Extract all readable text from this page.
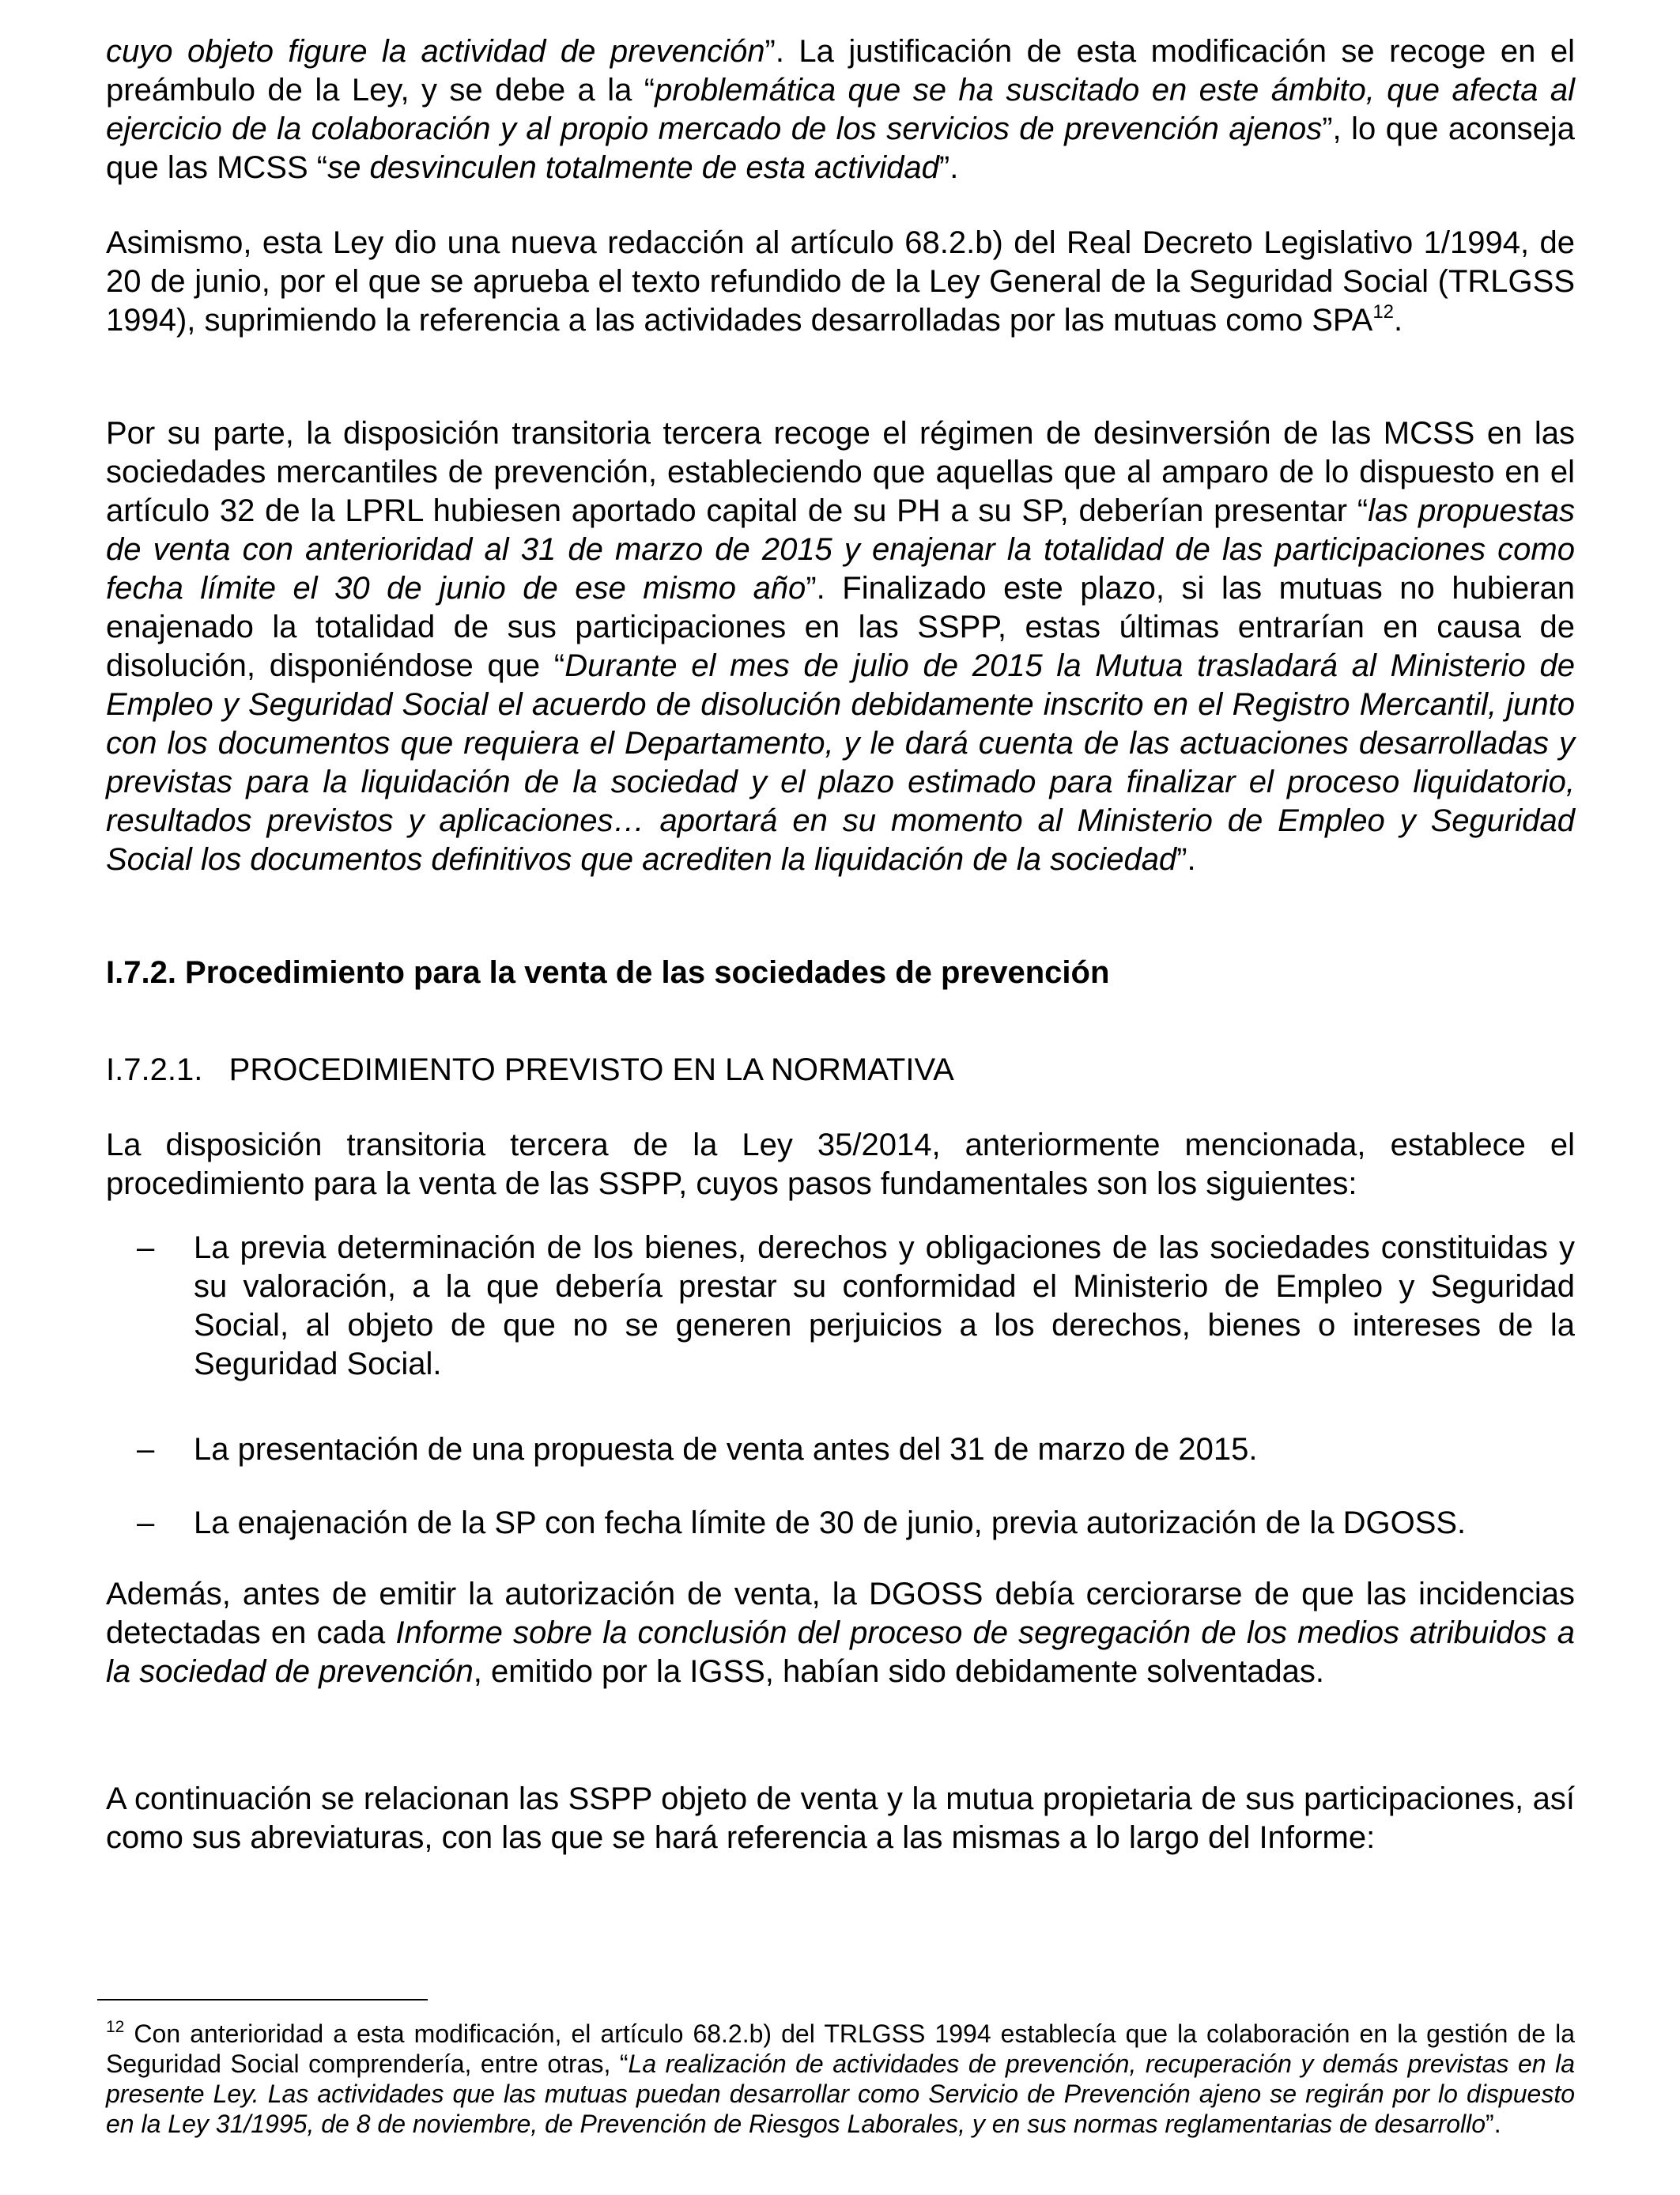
cuyo objeto figure la actividad de prevención”. La justificación de esta modificación se recoge en el preámbulo de la Ley, y se debe a la “problemática que se ha suscitado en este ámbito, que afecta al ejercicio de la colaboración y al propio mercado de los servicios de prevención ajenos”, lo que aconseja que las MCSS “se desvinculen totalmente de esta actividad”.

Asimismo, esta Ley dio una nueva redacción al artículo 68.2.b) del Real Decreto Legislativo 1/1994, de 20 de junio, por el que se aprueba el texto refundido de la Ley General de la Seguridad Social (TRLGSS 1994), suprimiendo la referencia a las actividades desarrolladas por las mutuas como SPA$^{12}$.

Por su parte, la disposición transitoria tercera recoge el régimen de desinversión de las MCSS en las sociedades mercantiles de prevención, estableciendo que aquellas que al amparo de lo dispuesto en el artículo 32 de la LPRL hubiesen aportado capital de su PH a su SP, deberían presentar “las propuestas de venta con anterioridad al 31 de marzo de 2015 y enajenar la totalidad de las participaciones como fecha límite el 30 de junio de ese mismo año”. Finalizado este plazo, si las mutuas no hubieran enajenado la totalidad de sus participaciones en las SSPP, estas últimas entrarían en causa de disolución, disponiéndose que “Durante el mes de julio de 2015 la Mutua trasladará al Ministerio de Empleo y Seguridad Social el acuerdo de disolución debidamente inscrito en el Registro Mercantil, junto con los documentos que requiera el Departamento, y le dará cuenta de las actuaciones desarrolladas y previstas para la liquidación de la sociedad y el plazo estimado para finalizar el proceso liquidatorio, resultados previstos y aplicaciones… aportará en su momento al Ministerio de Empleo y Seguridad Social los documentos definitivos que acrediten la liquidación de la sociedad”.

I.7.2. Procedimiento para la venta de las sociedades de prevención
I.7.2.1. PROCEDIMIENTO PREVISTO EN LA NORMATIVA

La disposición transitoria tercera de la Ley 35/2014, anteriormente mencionada, establece el procedimiento para la venta de las SSPP, cuyos pasos fundamentales son los siguientes:

– La previa determinación de los bienes, derechos y obligaciones de las sociedades constituidas y su valoración, a la que debería prestar su conformidad el Ministerio de Empleo y Seguridad Social, al objeto de que no se generen perjuicios a los derechos, bienes o intereses de la Seguridad Social.
– La presentación de una propuesta de venta antes del 31 de marzo de 2015.
– La enajenación de la SP con fecha límite de 30 de junio, previa autorización de la DGOSS.

Además, antes de emitir la autorización de venta, la DGOSS debía cerciorarse de que las incidencias detectadas en cada Informe sobre la conclusión del proceso de segregación de los medios atribuidos a la sociedad de prevención, emitido por la IGSS, habían sido debidamente solventadas.

A continuación se relacionan las SSPP objeto de venta y la mutua propietaria de sus participaciones, así como sus abreviaturas, con las que se hará referencia a las mismas a lo largo del Informe:

$^{12}$ Con anterioridad a esta modificación, el artículo 68.2.b) del TRLGSS 1994 establecía que la colaboración en la gestión de la Seguridad Social comprendería, entre otras, “La realización de actividades de prevención, recuperación y demás previstas en la presente Ley. Las actividades que las mutuas puedan desarrollar como Servicio de Prevención ajeno se regirán por lo dispuesto en la Ley 31/1995, de 8 de noviembre, de Prevención de Riesgos Laborales, y en sus normas reglamentarias de desarrollo”.
